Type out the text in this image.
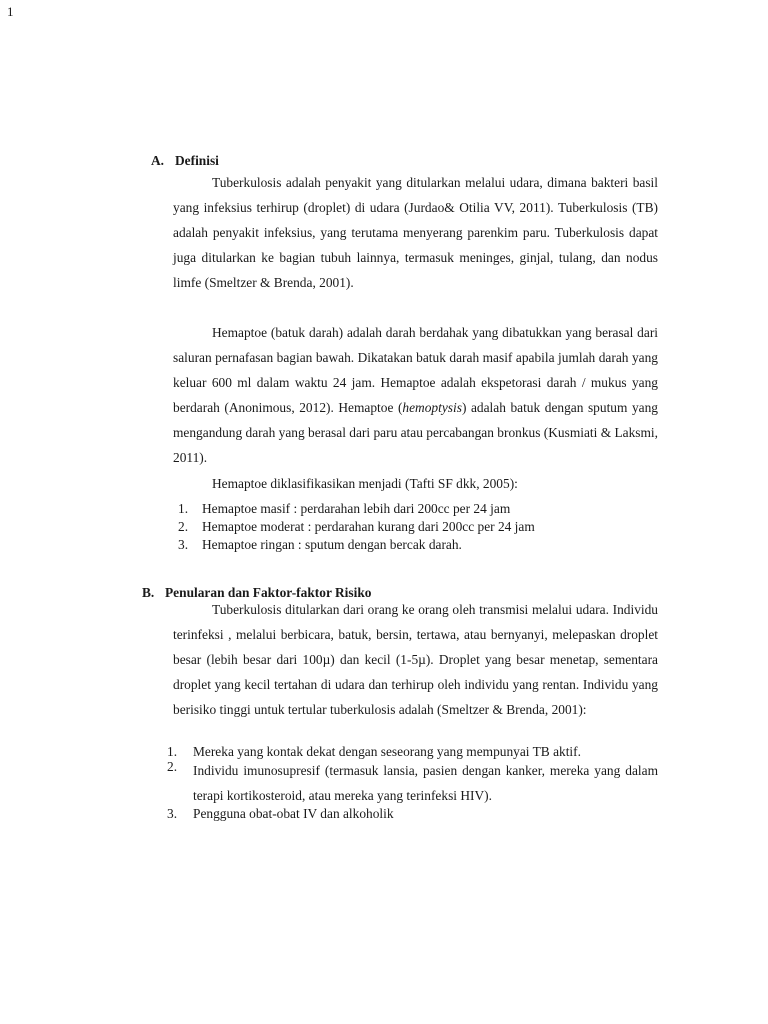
1
A. Definisi
Tuberkulosis adalah penyakit yang ditularkan melalui udara, dimana bakteri basil yang infeksius terhirup (droplet) di udara (Jurdao& Otilia VV, 2011). Tuberkulosis (TB) adalah penyakit infeksius, yang terutama menyerang parenkim paru. Tuberkulosis dapat juga ditularkan ke bagian tubuh lainnya, termasuk meninges, ginjal, tulang, dan nodus limfe (Smeltzer & Brenda, 2001).
Hemaptoe (batuk darah) adalah darah berdahak yang dibatukkan yang berasal dari saluran pernafasan bagian bawah. Dikatakan batuk darah masif apabila jumlah darah yang keluar 600 ml dalam waktu 24 jam. Hemaptoe adalah ekspetorasi darah / mukus yang berdarah (Anonimous, 2012). Hemaptoe (hemoptysis) adalah batuk dengan sputum yang mengandung darah yang berasal dari paru atau percabangan bronkus (Kusmiati & Laksmi, 2011).
Hemaptoe diklasifikasikan menjadi (Tafti SF dkk, 2005):
1.	Hemaptoe masif : perdarahan lebih dari 200cc per 24 jam
2.	Hemaptoe moderat : perdarahan kurang dari 200cc per 24 jam
3.	Hemaptoe ringan : sputum dengan bercak darah.
B. Penularan dan Faktor-faktor Risiko
Tuberkulosis ditularkan dari orang ke orang oleh transmisi melalui udara. Individu terinfeksi , melalui berbicara, batuk, bersin, tertawa, atau bernyanyi, melepaskan droplet besar (lebih besar dari 100µ) dan kecil (1-5µ). Droplet yang besar menetap, sementara droplet yang kecil tertahan di udara dan terhirup oleh individu yang rentan. Individu yang berisiko tinggi untuk tertular tuberkulosis adalah (Smeltzer & Brenda, 2001):
1.	Mereka yang kontak dekat dengan seseorang yang mempunyai TB aktif.
2.	Individu imunosupresif (termasuk lansia, pasien dengan kanker, mereka yang dalam terapi kortikosteroid, atau mereka yang terinfeksi HIV).
3.	Pengguna obat-obat IV dan alkoholik
